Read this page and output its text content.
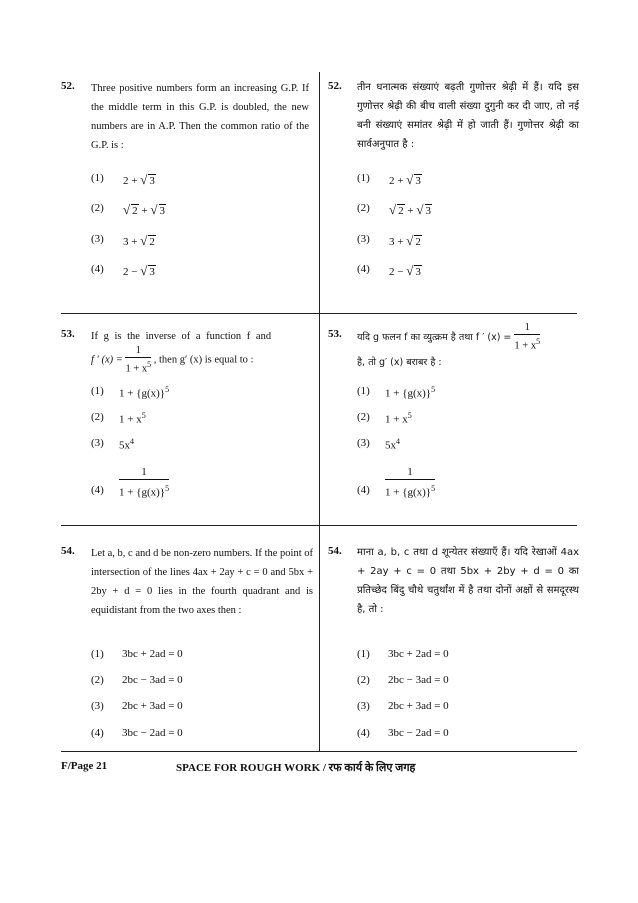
52. Three positive numbers form an increasing G.P. If the middle term in this G.P. is doubled, the new numbers are in A.P. Then the common ratio of the G.P. is :
(1) 2 + √ 3
(2) √ 2 + √ 3
(3) 3 + √ 2
(4) 2 − √ 3
52. तीन धनात्मक संख्याएं बढ़ती गुणोत्तर श्रेढ़ी में हैं। यदि इस गुणोत्तर श्रेढ़ी की बीच वाली संख्या दुगुनी कर दी जाए, तो नई बनी संख्याएं समांतर श्रेढ़ी में हो जाती हैं। गुणोत्तर श्रेढ़ी का सार्वअनुपात है :
(1) 2 + √ 3
(2) √ 2 + √ 3
(3) 3 + √ 2
(4) 2 − √ 3
53. If g is the inverse of a function f and
f ′ $(x) = \frac{1}{1 + x^5}$ , then g′ (x) is equal to :
(1) $1 + \{g(x)\}^5$
(2) $1 + x^5$
(3) $5x^4$
$(4) \frac{1}{1 + \{g(x)\}^5}$
53. यदि g फलन f का व्युत्क्रम है तथा f ′ $(x) = \frac{1}{1 + x^5}$
है, तो g′ (x) बराबर है :
(1) $1 + \{g(x)\}^5$
(2) $1 + x^5$
(3) $5x^4$
$(4) \frac{1}{1 + \{g(x)\}^5}$
54. Let a, b, c and d be non-zero numbers. If the point of intersection of the lines 4ax + 2ay + c = 0 and 5bx + 2by + d = 0 lies in the fourth quadrant and is equidistant from the two axes then :
(1) 3bc + 2ad = 0
(2) 2bc − 3ad = 0
(3) 2bc + 3ad = 0
(4) 3bc − 2ad = 0
54. माना a, b, c तथा d शून्येतर संख्याएँ हैं। यदि रेखाओं 4ax + 2ay + c = 0 तथा 5bx + 2by + d = 0 का प्रतिच्छेद बिंदु चौथे चतुर्थांश में है तथा दोनों अक्षों से समदूरस्थ है, तो :
(1) 3bc + 2ad = 0
(2) 2bc − 3ad = 0
(3) 2bc + 3ad = 0
(4) 3bc − 2ad = 0
F/Page 21	SPACE FOR ROUGH WORK / रफ कार्य के लिए जगह
